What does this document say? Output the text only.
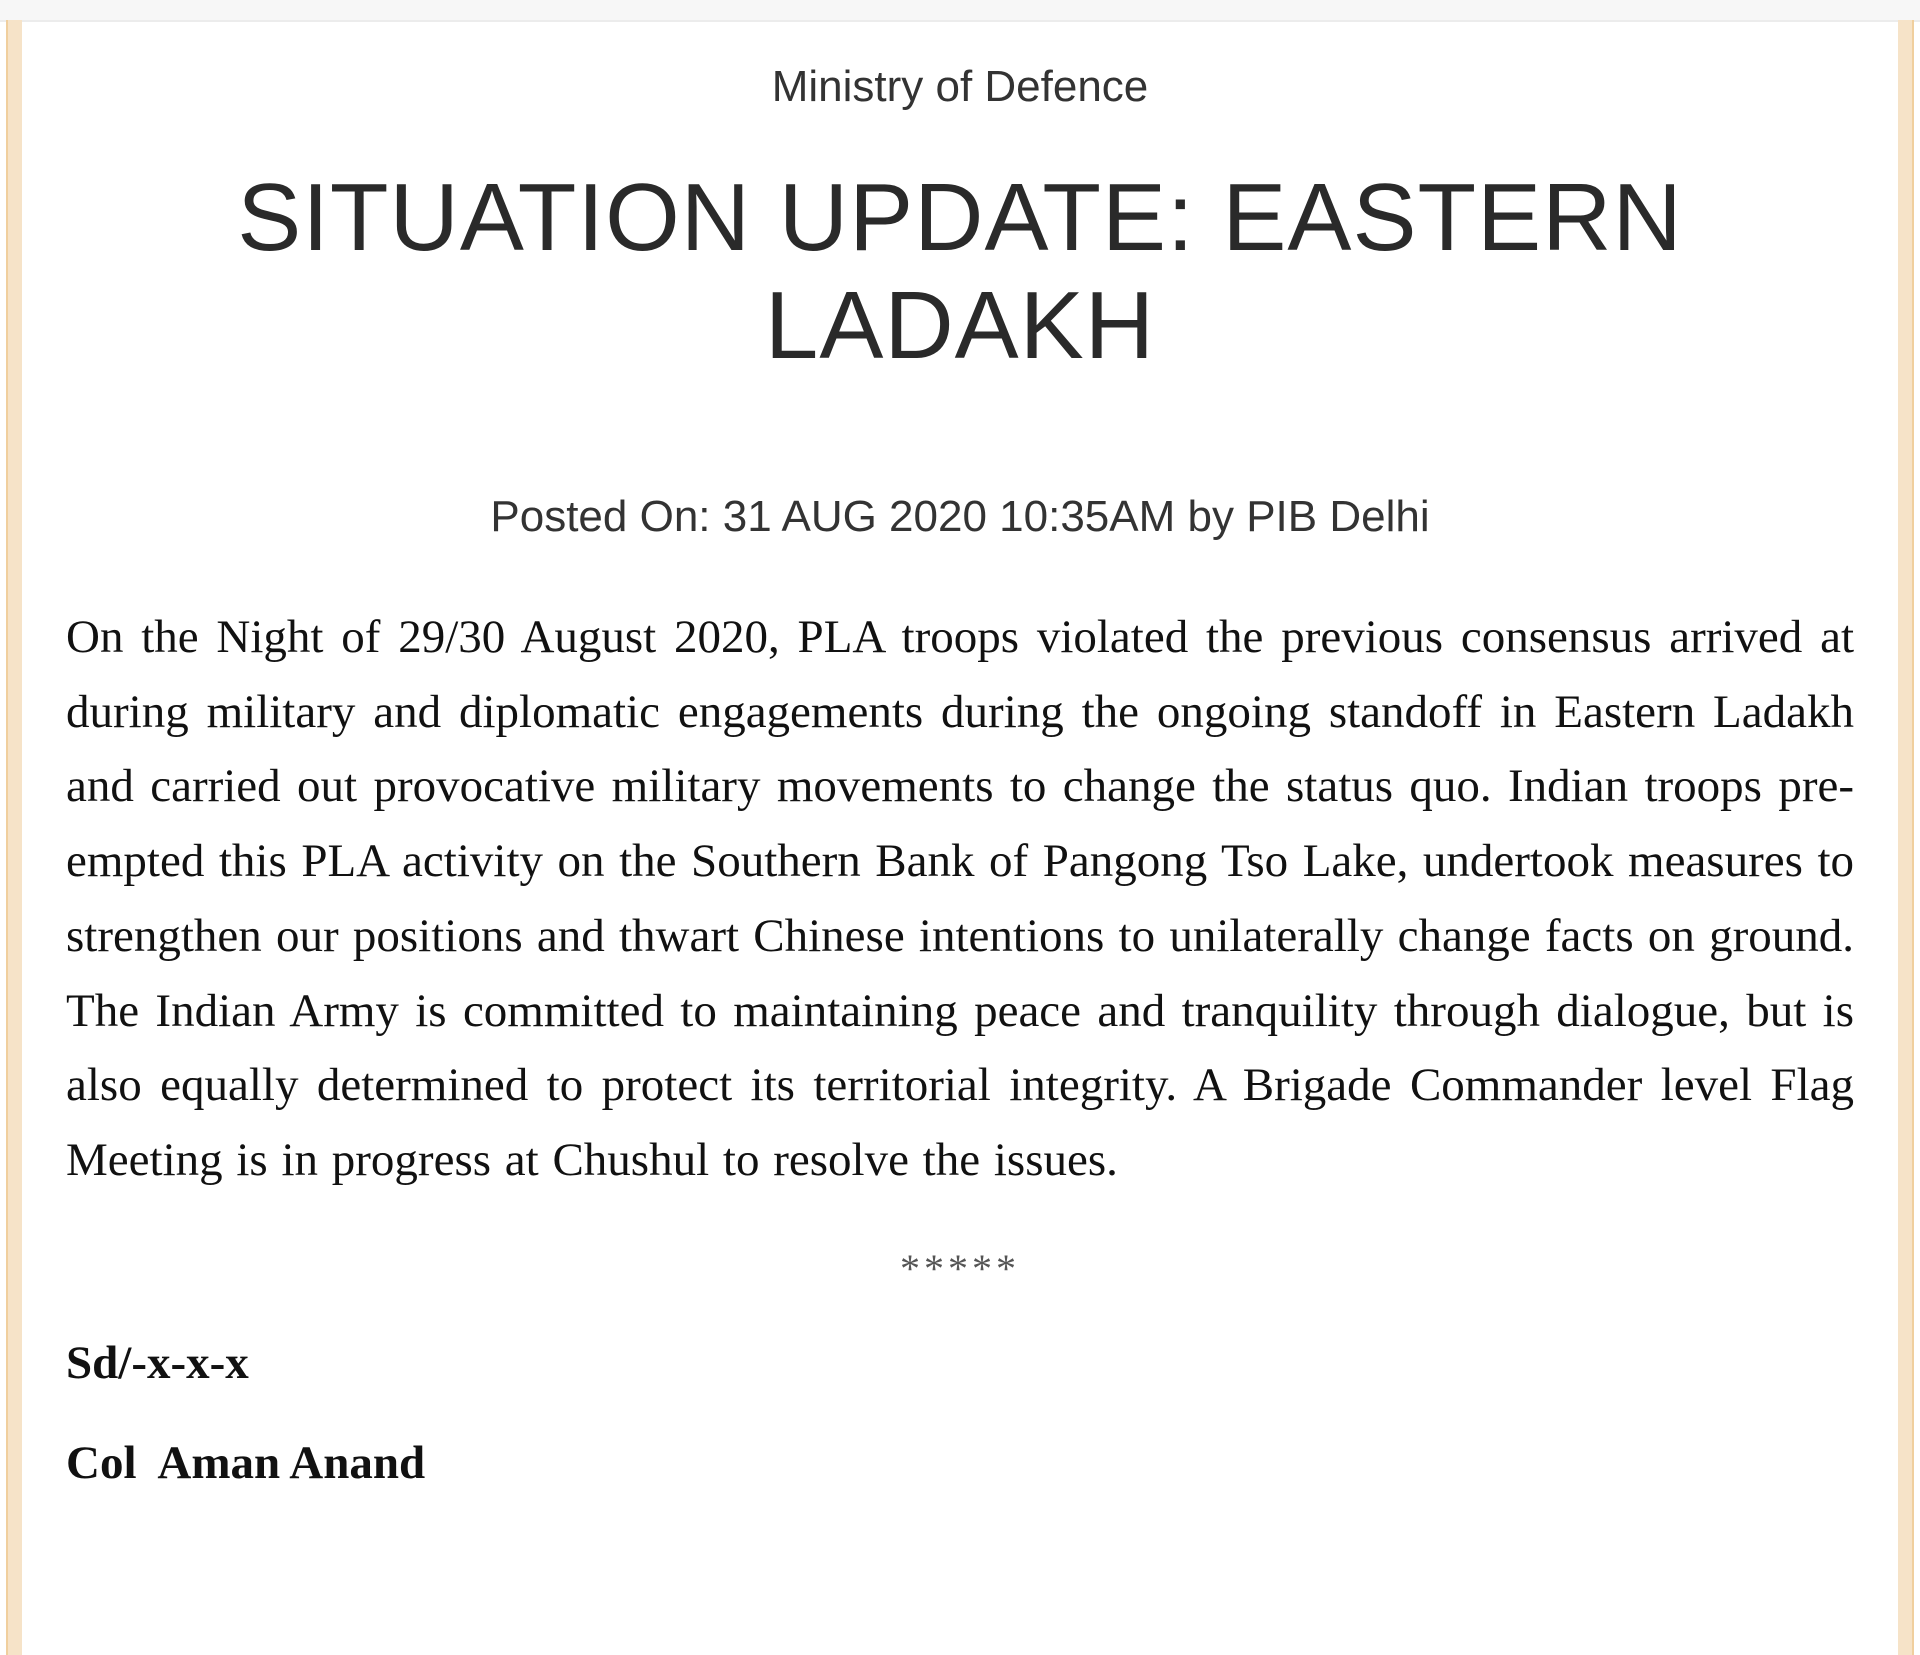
Ministry of Defence
SITUATION UPDATE: EASTERN LADAKH
Posted On: 31 AUG 2020 10:35AM by PIB Delhi

On the Night of 29/30 August 2020, PLA troops violated the previous consensus arrived at during military and diplomatic engagements during the ongoing standoff in Eastern Ladakh and carried out provocative military movements to change the status quo. Indian troops pre-empted this PLA activity on the Southern Bank of Pangong Tso Lake, undertook measures to strengthen our positions and thwart Chinese intentions to unilaterally change facts on ground. The Indian Army is committed to maintaining peace and tranquility through dialogue, but is also equally determined to protect its territorial integrity. A Brigade Commander level Flag Meeting is in progress at Chushul to resolve the issues.

*****
Sd/-x-x-x
Col  Aman Anand
